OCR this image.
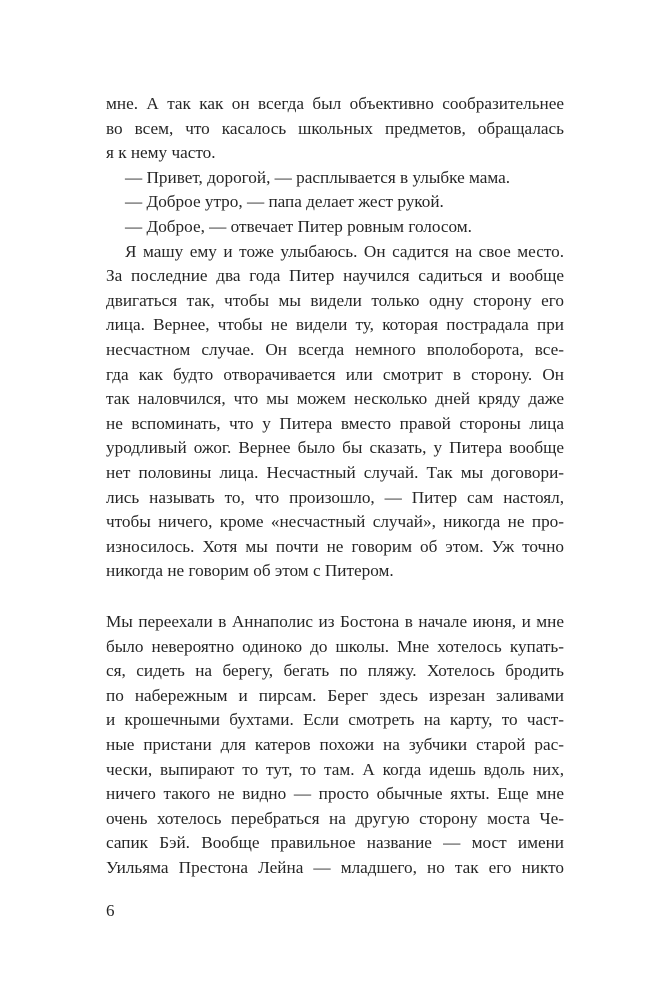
мне. А так как он всегда был объективно сообразительнее
во всем, что касалось школьных предметов, обращалась
я к нему часто.
— Привет, дорогой, — расплывается в улыбке мама.
— Доброе утро, — папа делает жест рукой.
— Доброе, — отвечает Питер ровным голосом.
Я машу ему и тоже улыбаюсь. Он садится на свое место.
За последние два года Питер научился садиться и вообще
двигаться так, чтобы мы видели только одну сторону его
лица. Вернее, чтобы не видели ту, которая пострадала при
несчастном случае. Он всегда немного вполоборота, все-
гда как будто отворачивается или смотрит в сторону. Он
так наловчился, что мы можем несколько дней кряду даже
не вспоминать, что у Питера вместо правой стороны лица
уродливый ожог. Вернее было бы сказать, у Питера вообще
нет половины лица. Несчастный случай. Так мы договори-
лись называть то, что произошло, — Питер сам настоял,
чтобы ничего, кроме «несчастный случай», никогда не про-
износилось. Хотя мы почти не говорим об этом. Уж точно
никогда не говорим об этом с Питером.
Мы переехали в Аннаполис из Бостона в начале июня, и мне
было невероятно одиноко до школы. Мне хотелось купать-
ся, сидеть на берегу, бегать по пляжу. Хотелось бродить
по набережным и пирсам. Берег здесь изрезан заливами
и крошечными бухтами. Если смотреть на карту, то част-
ные пристани для катеров похожи на зубчики старой рас-
чески, выпирают то тут, то там. А когда идешь вдоль них,
ничего такого не видно — просто обычные яхты. Еще мне
очень хотелось перебраться на другую сторону моста Че-
сапик Бэй. Вообще правильное название — мост имени
Уильяма Престона Лейна — младшего, но так его никто
6
